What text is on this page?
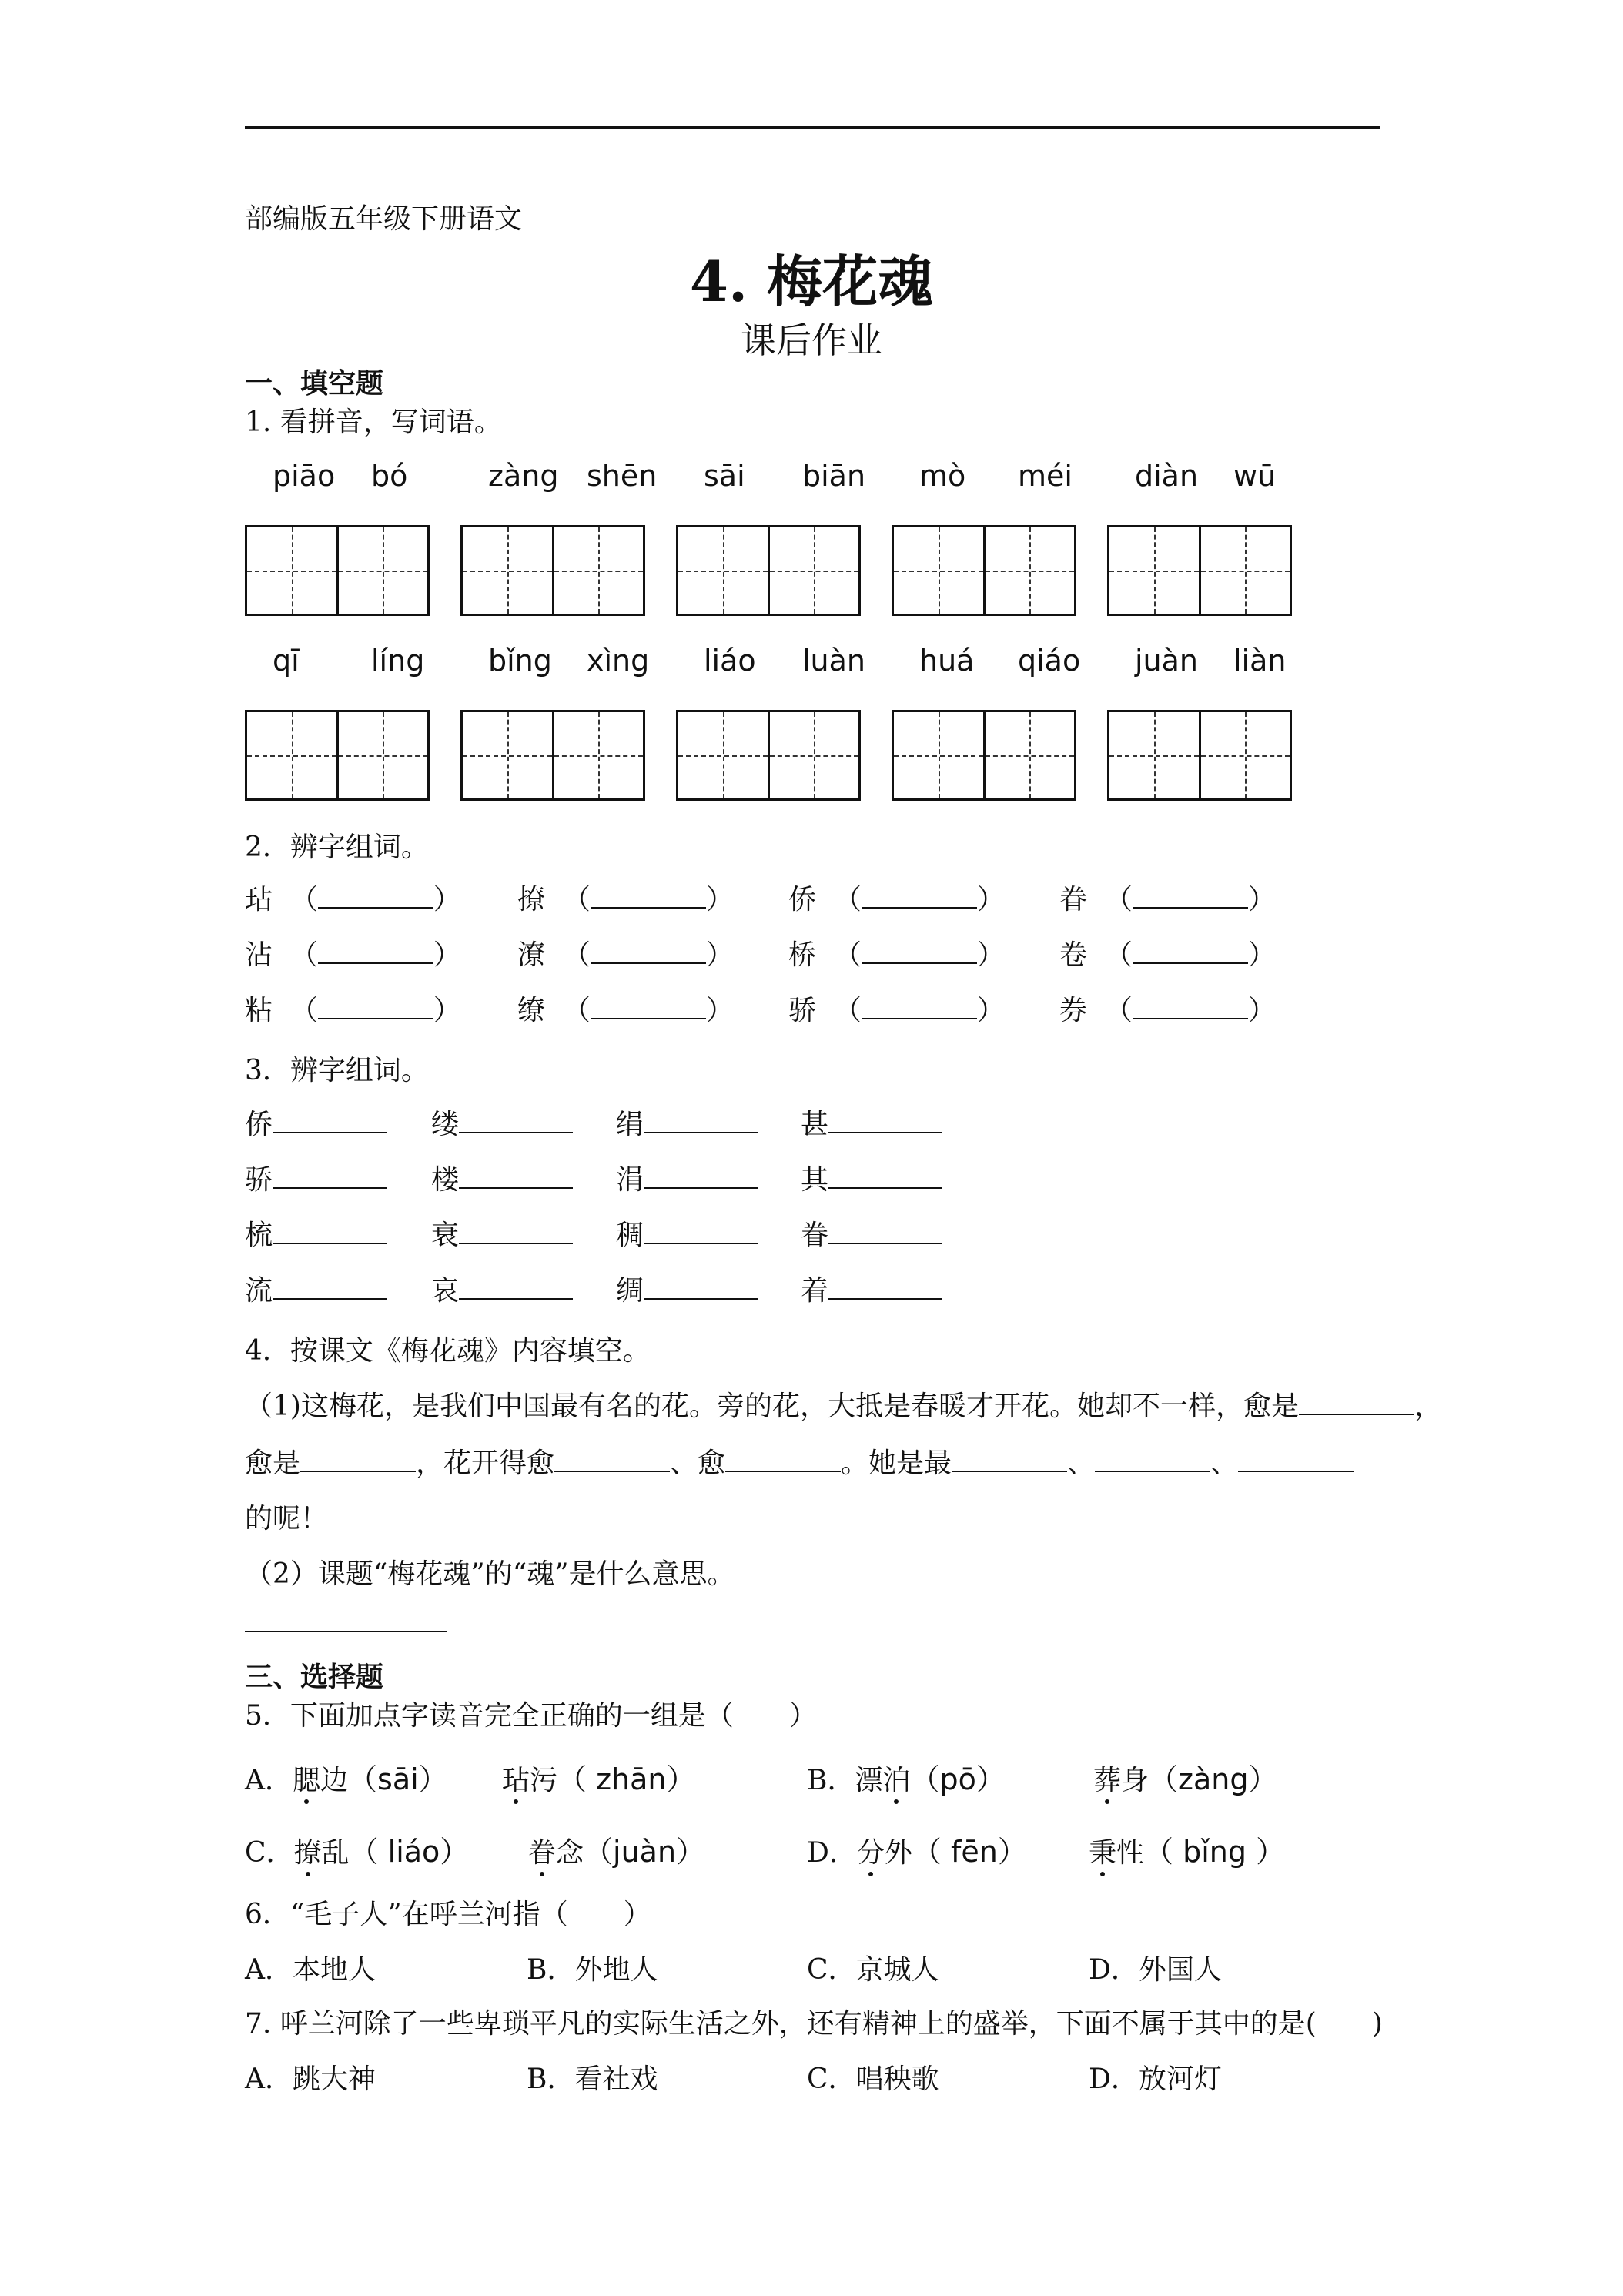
部编版五年级下册语文
4. 梅花魂
课后作业
一、填空题
1. 看拼音，写词语。
piāo bó	zàng shēn sāi biān mò méi diàn wū
qī líng bǐng xìng liáo luàn huá qiáo juàn liàn
2．辨字组词。
玷  （	） 撩  （	） 侨  （	） 眷  （	）
沾  （	） 潦  （	） 桥  （	） 卷  （	）
粘  （	） 缭  （	） 骄  （	） 券  （	）
3．辨字组词。
侨	缕	绢	甚
骄	楼	涓	其
梳	衰	稠	眷
流	哀	绸	着
4．按课文《梅花魂》内容填空。
（1)这梅花，是我们中国最有名的花。旁的花，大抵是春暖才开花。她却不一样，愈是	，
愈是	，花开得愈	、愈	。她是最	、	、
的呢！
（2）课题“梅花魂”的“魂”是什么意思。
三、选择题
5．下面加点字读音完全正确的一组是（　　）
A．腮边（sāi） 玷污（ zhān）	B．漂泊（pō）	葬身（zàng）
C．撩乱（ liáo） 眷念（juàn）	D．分外（ fēn） 秉性（ bǐng ）
6．“毛子人”在呼兰河指（　　）
A．本地人	B．外地人	C．京城人	D．外国人
7. 呼兰河除了一些卑琐平凡的实际生活之外，还有精神上的盛举，下面不属于其中的是(　　)
A．跳大神	B．看社戏	C．唱秧歌	D．放河灯
